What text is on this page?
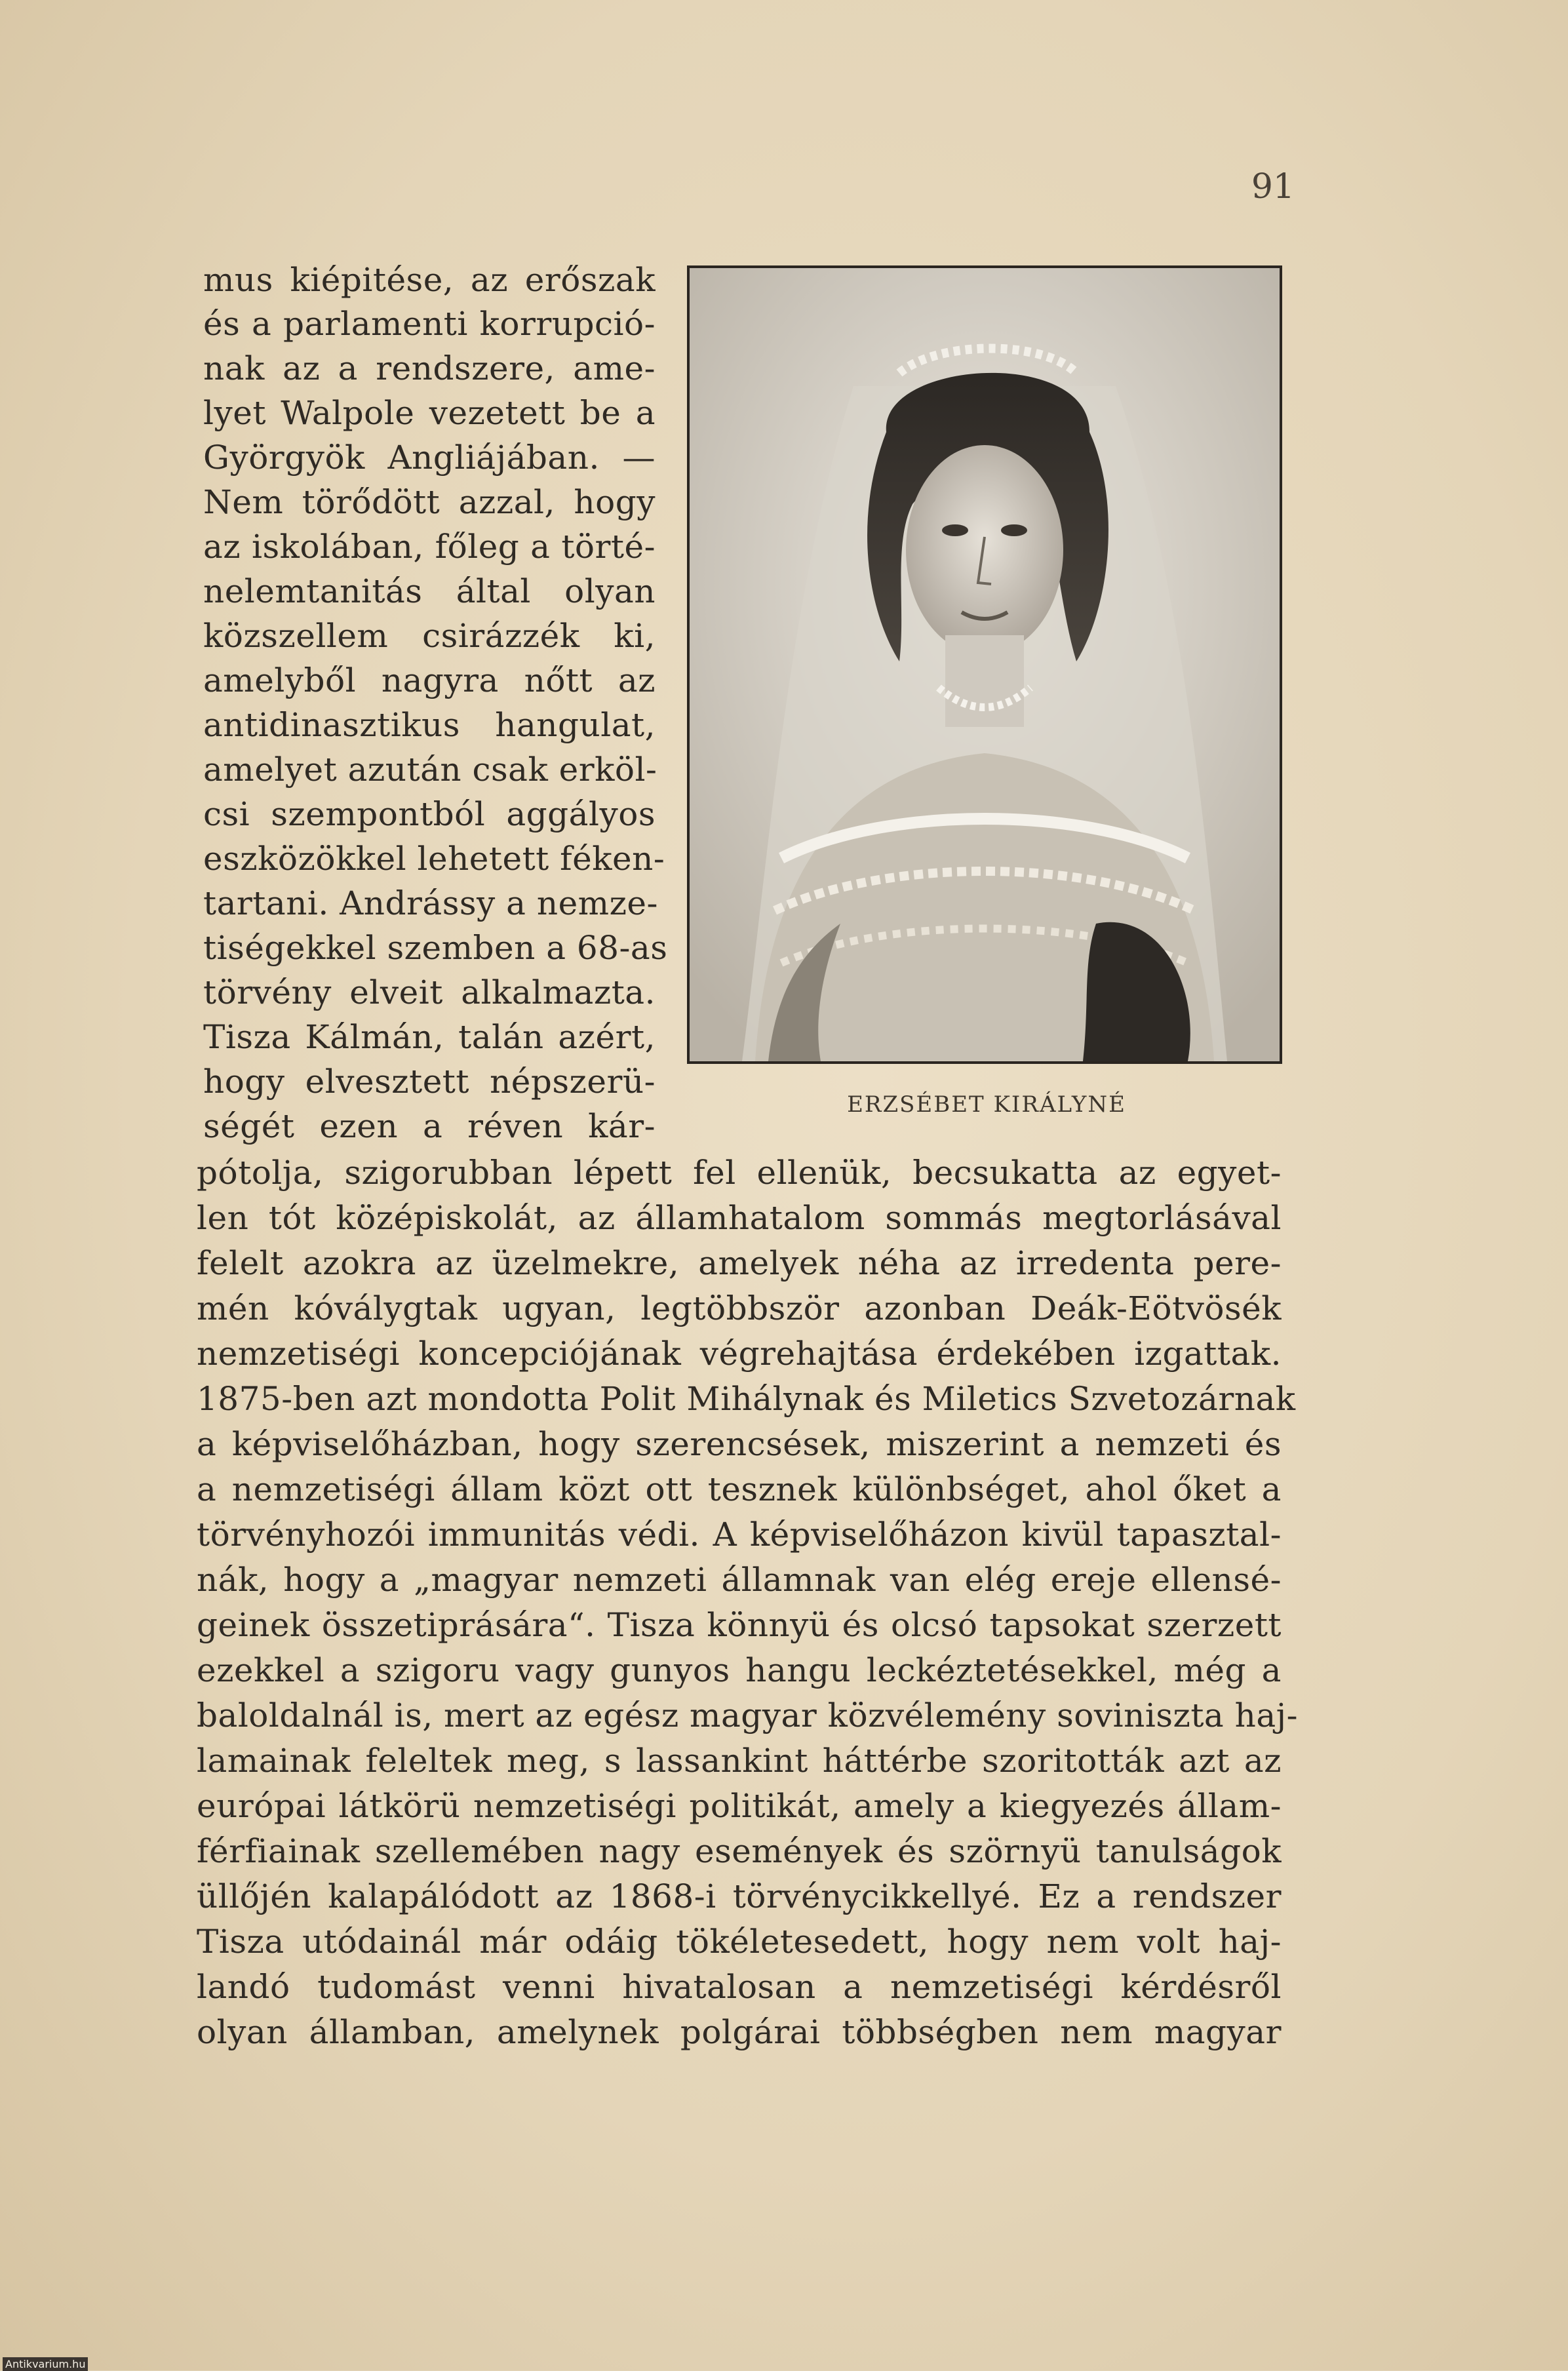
91
mus kiépitése, az erőszak
és a parlamenti korrupció-
nak az a rendszere, ame-
lyet Walpole vezetett be a
Györgyök Angliájában. —
Nem törődött azzal, hogy
az iskolában, főleg a törté-
nelemtanitás által olyan
közszellem csirázzék ki,
amelyből nagyra nőtt az
antidinasztikus hangulat,
amelyet azután csak erköl-
csi szempontból aggályos
eszközökkel lehetett féken-
tartani. Andrássy a nemze-
tiségekkel szemben a 68-as
törvény elveit alkalmazta.
Tisza Kálmán, talán azért,
hogy elvesztett népszerü-
ségét ezen a réven kár-
ERZSÉBET KIRÁLYNÉ
pótolja, szigorubban lépett fel ellenük, becsukatta az egyet-
len tót középiskolát, az államhatalom sommás megtorlásával
felelt azokra az üzelmekre, amelyek néha az irredenta pere-
mén kóválygtak ugyan, legtöbbször azonban Deák-Eötvösék
nemzetiségi koncepciójának végrehajtása érdekében izgattak.
1875-ben azt mondotta Polit Mihálynak és Miletics Szvetozárnak
a képviselőházban, hogy szerencsések, miszerint a nemzeti és
a nemzetiségi állam közt ott tesznek különbséget, ahol őket a
törvényhozói immunitás védi. A képviselőházon kivül tapasztal-
nák, hogy a „magyar nemzeti államnak van elég ereje ellensé-
geinek összetiprására“. Tisza könnyü és olcsó tapsokat szerzett
ezekkel a szigoru vagy gunyos hangu leckéztetésekkel, még a
baloldalnál is, mert az egész magyar közvélemény soviniszta haj-
lamainak feleltek meg, s lassankint háttérbe szoritották azt az
európai látkörü nemzetiségi politikát, amely a kiegyezés állam-
férfiainak szellemében nagy események és szörnyü tanulságok
üllőjén kalapálódott az 1868-i törvénycikkellyé. Ez a rendszer
Tisza utódainál már odáig tökéletesedett, hogy nem volt haj-
landó tudomást venni hivatalosan a nemzetiségi kérdésről
olyan államban, amelynek polgárai többségben nem magyar
Antikvarium.hu
